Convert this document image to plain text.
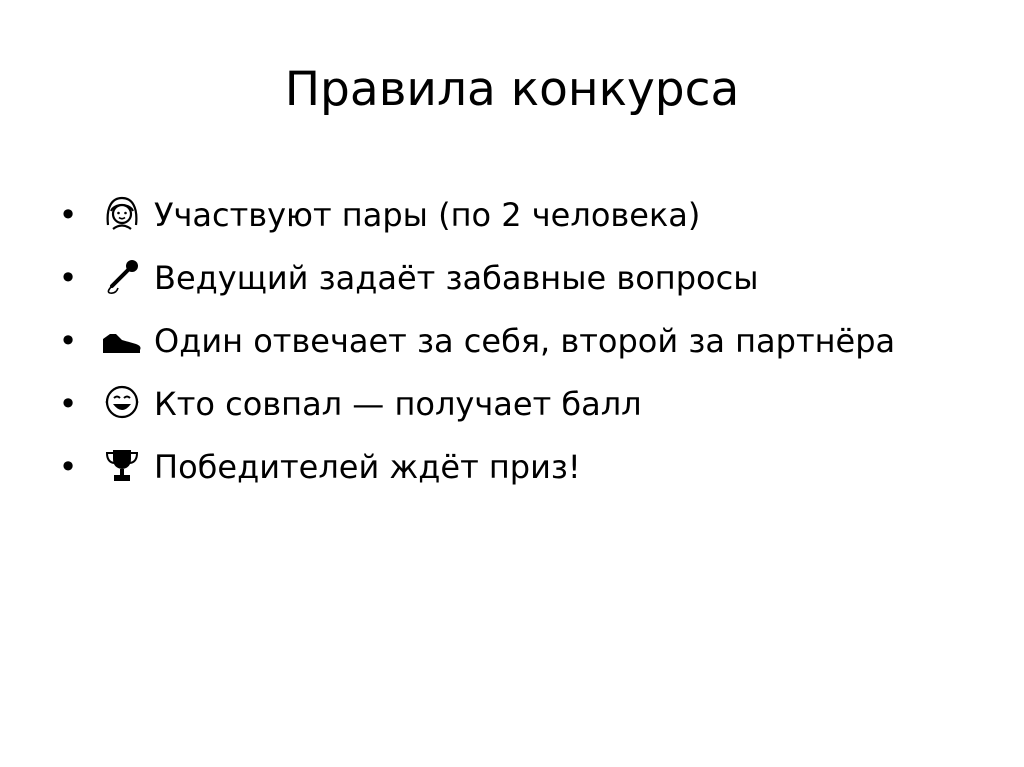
Правила конкурса
• Участвуют пары (по 2 человека)
• Ведущий задаёт забавные вопросы
• Один отвечает за себя, второй за партнёра
• Кто совпал — получает балл
• Победителей ждёт приз!
